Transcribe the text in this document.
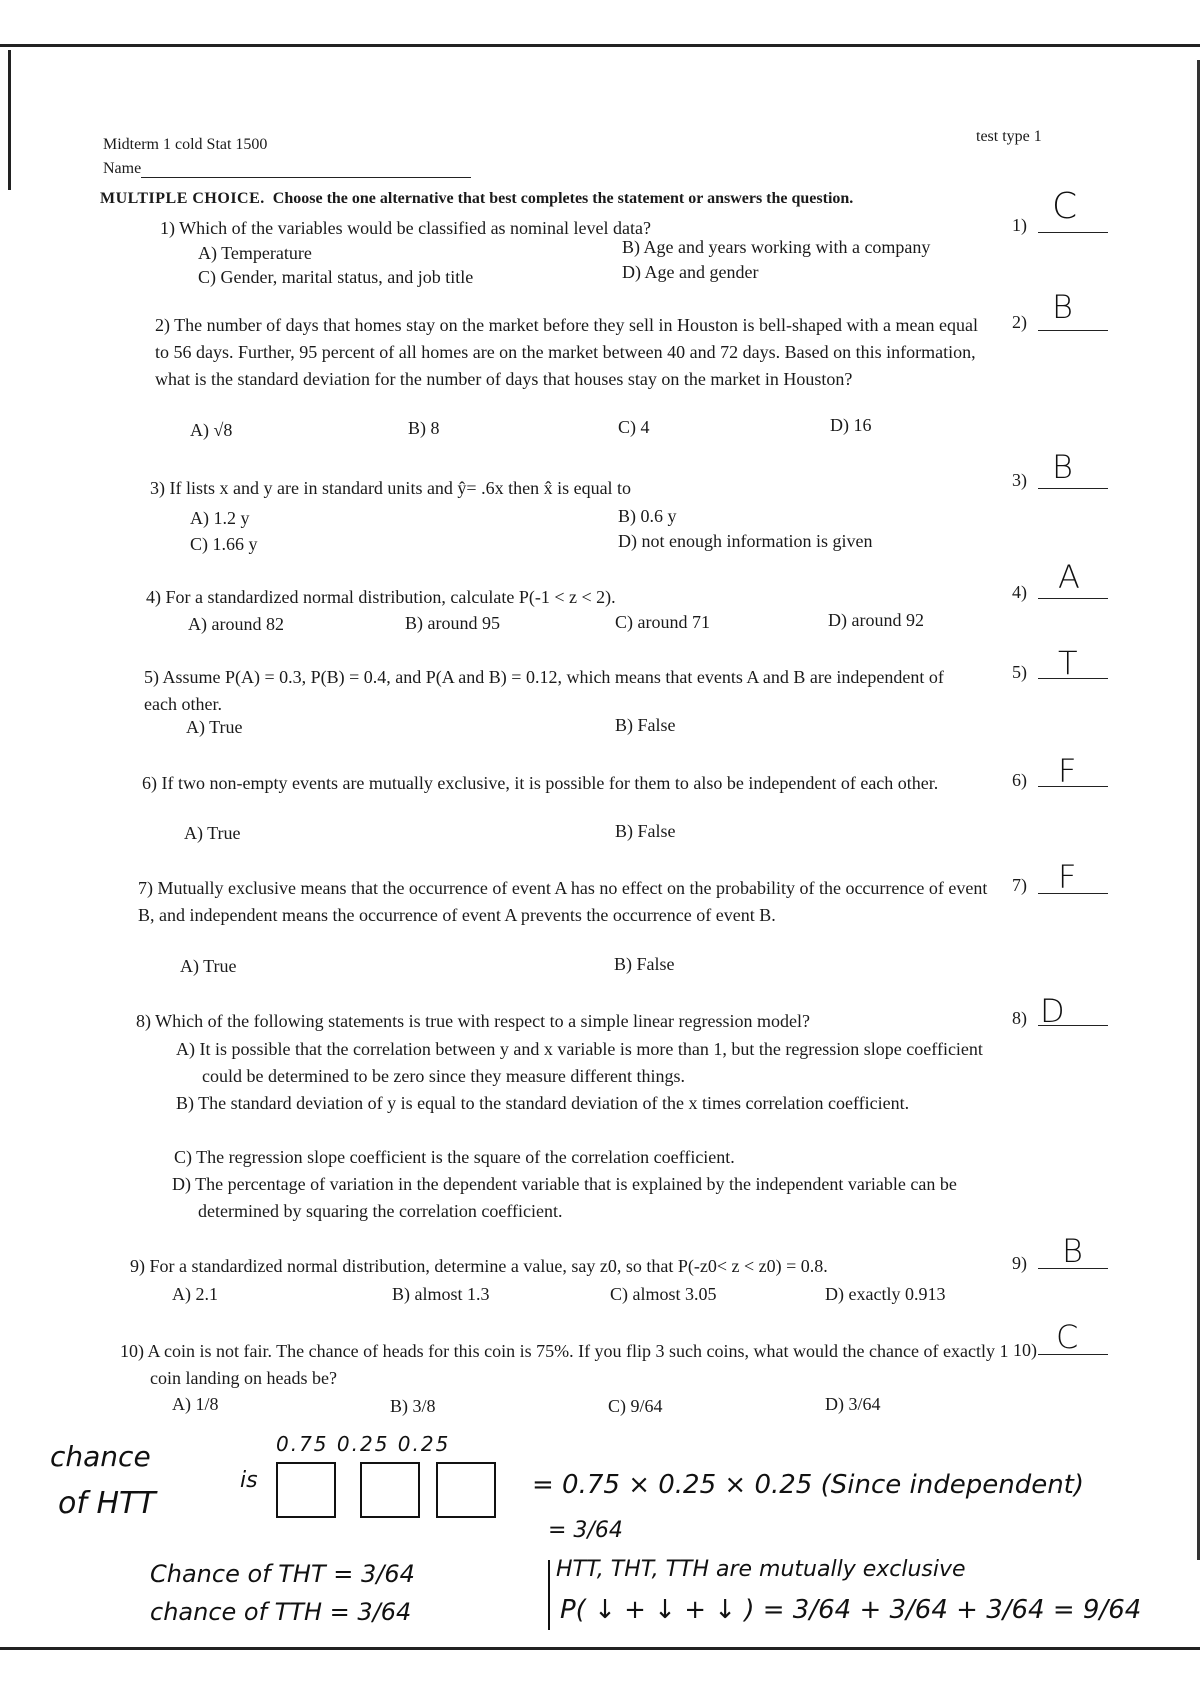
Midterm 1 cold Stat 1500
Name
test type 1
MULTIPLE CHOICE. Choose the one alternative that best completes the statement or answers the question.
1) Which of the variables would be classified as nominal level data?
A) Temperature	B) Age and years working with a company
C) Gender, marital status, and job title	D) Age and gender
1) C
2) The number of days that homes stay on the market before they sell in Houston is bell-shaped with a mean equal to 56 days. Further, 95 percent of all homes are on the market between 40 and 72 days. Based on this information, what is the standard deviation for the number of days that houses stay on the market in Houston?
A) √8	B) 8	C) 4	D) 16
2) B
3) If lists x and y are in standard units and ŷ= .6x then x̂ is equal to
A) 1.2 y	B) 0.6 y
C) 1.66 y	D) not enough information is given
3) B
4) For a standardized normal distribution, calculate P(-1 < z < 2).
A) around 82	B) around 95	C) around 71	D) around 92
4) A
5) Assume P(A) = 0.3, P(B) = 0.4, and P(A and B) = 0.12, which means that events A and B are independent of each other.
A) True	B) False
5) T
6) If two non-empty events are mutually exclusive, it is possible for them to also be independent of each other.
A) True	B) False
6) F
7) Mutually exclusive means that the occurrence of event A has no effect on the probability of the occurrence of event B, and independent means the occurrence of event A prevents the occurrence of event B.
A) True	B) False
7) F
8) Which of the following statements is true with respect to a simple linear regression model?
A) It is possible that the correlation between y and x variable is more than 1, but the regression slope coefficient could be determined to be zero since they measure different things.
B) The standard deviation of y is equal to the standard deviation of the x times correlation coefficient.
C) The regression slope coefficient is the square of the correlation coefficient.
D) The percentage of variation in the dependent variable that is explained by the independent variable can be determined by squaring the correlation coefficient.
8) D
9) For a standardized normal distribution, determine a value, say z0, so that P(-z0< z < z0) = 0.8.
A) 2.1	B) almost 1.3	C) almost 3.05	D) exactly 0.913
9) B
10) A coin is not fair. The chance of heads for this coin is 75%. If you flip 3 such coins, what would the chance of exactly 1 coin landing on heads be?
A) 1/8	B) 3/8	C) 9/64	D) 3/64
10) C
chance
of HTT
is
0.75 0.25 0.25
= 0.75 × 0.25 × 0.25 (Since independent)
= 3/64
Chance of THT = 3/64
chance of TTH = 3/64
HTT, THT, TTH are mutually exclusive
P( ↓ + ↓ + ↓ ) = 3/64 + 3/64 + 3/64 = 9/64
